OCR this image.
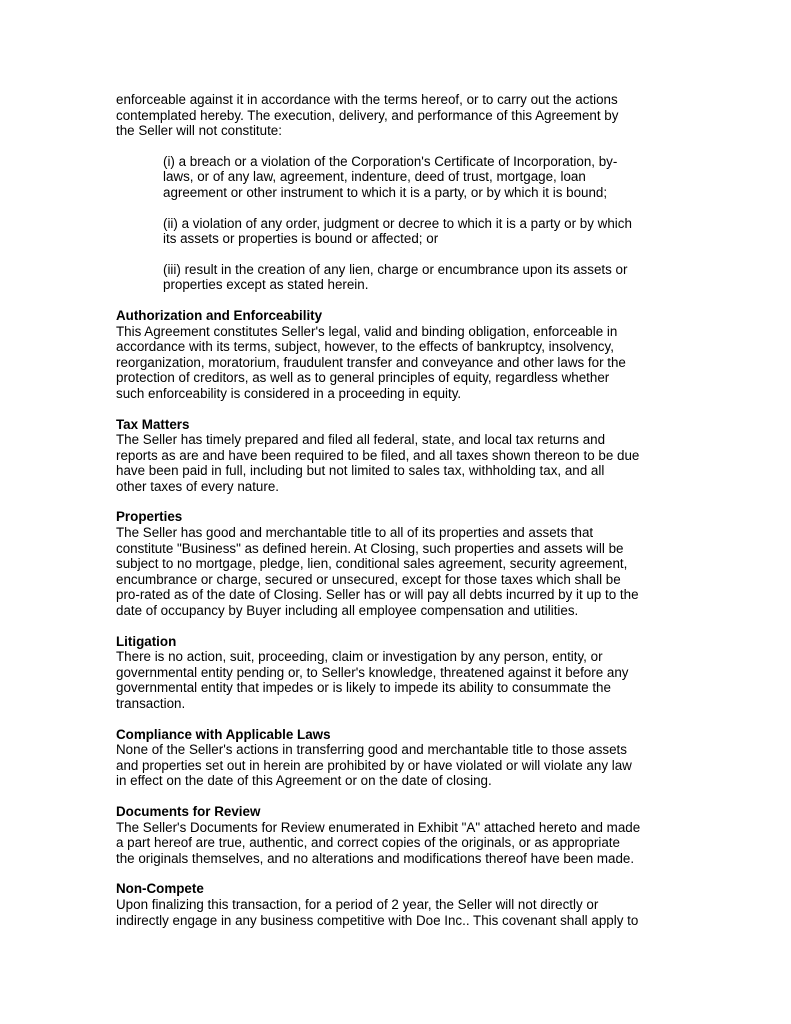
enforceable against it in accordance with the terms hereof, or to carry out the actions
contemplated hereby. The execution, delivery, and performance of this Agreement by
the Seller will not constitute:

(i) a breach or a violation of the Corporation's Certificate of Incorporation, by-
laws, or of any law, agreement, indenture, deed of trust, mortgage, loan
agreement or other instrument to which it is a party, or by which it is bound;
(ii) a violation of any order, judgment or decree to which it is a party or by which
its assets or properties is bound or affected; or
(iii) result in the creation of any lien, charge or encumbrance upon its assets or
properties except as stated herein.

Authorization and Enforceability

This Agreement constitutes Seller's legal, valid and binding obligation, enforceable in
accordance with its terms, subject, however, to the effects of bankruptcy, insolvency,
reorganization, moratorium, fraudulent transfer and conveyance and other laws for the
protection of creditors, as well as to general principles of equity, regardless whether
such enforceability is considered in a proceeding in equity.

Tax Matters

The Seller has timely prepared and filed all federal, state, and local tax returns and
reports as are and have been required to be filed, and all taxes shown thereon to be due
have been paid in full, including but not limited to sales tax, withholding tax, and all
other taxes of every nature.

Properties

The Seller has good and merchantable title to all of its properties and assets that
constitute "Business" as defined herein. At Closing, such properties and assets will be
subject to no mortgage, pledge, lien, conditional sales agreement, security agreement,
encumbrance or charge, secured or unsecured, except for those taxes which shall be
pro-rated as of the date of Closing. Seller has or will pay all debts incurred by it up to the
date of occupancy by Buyer including all employee compensation and utilities.

Litigation

There is no action, suit, proceeding, claim or investigation by any person, entity, or
governmental entity pending or, to Seller's knowledge, threatened against it before any
governmental entity that impedes or is likely to impede its ability to consummate the
transaction.

Compliance with Applicable Laws

None of the Seller's actions in transferring good and merchantable title to those assets
and properties set out in herein are prohibited by or have violated or will violate any law
in effect on the date of this Agreement or on the date of closing.

Documents for Review

The Seller's Documents for Review enumerated in Exhibit "A" attached hereto and made
a part hereof are true, authentic, and correct copies of the originals, or as appropriate
the originals themselves, and no alterations and modifications thereof have been made.

Non-Compete

Upon finalizing this transaction, for a period of 2 year, the Seller will not directly or
indirectly engage in any business competitive with Doe Inc.. This covenant shall apply to
